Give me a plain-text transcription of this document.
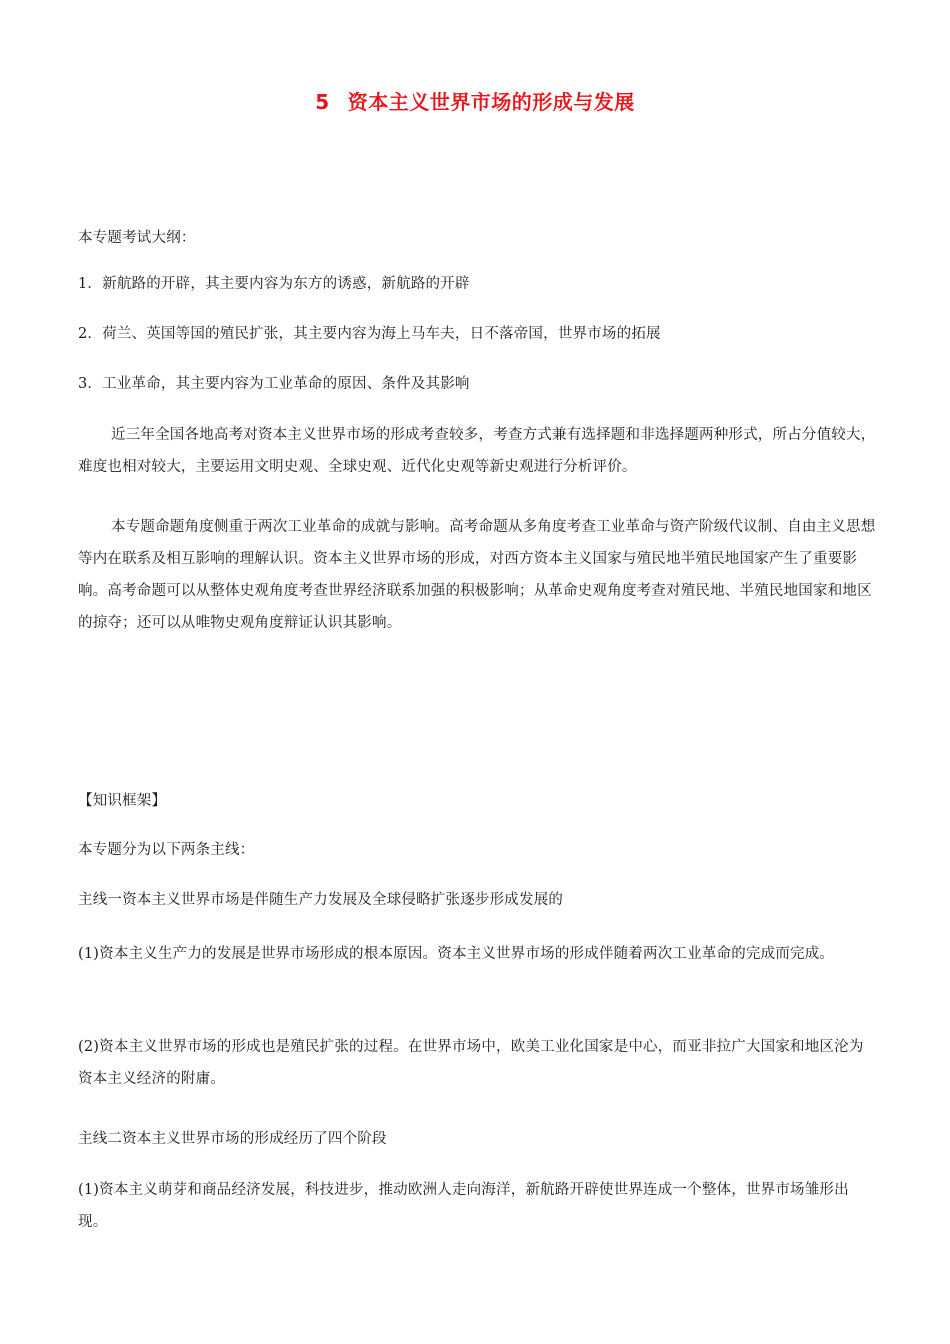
5 资本主义世界市场的形成与发展

本专题考试大纲：

1．新航路的开辟，其主要内容为东方的诱惑，新航路的开辟

2．荷兰、英国等国的殖民扩张，其主要内容为海上马车夫，日不落帝国，世界市场的拓展

3．工业革命，其主要内容为工业革命的原因、条件及其影响

近三年全国各地高考对资本主义世界市场的形成考查较多，考查方式兼有选择题和非选择题两种形式，所占分值较大，难度也相对较大，主要运用文明史观、全球史观、近代化史观等新史观进行分析评价。

本专题命题角度侧重于两次工业革命的成就与影响。高考命题从多角度考查工业革命与资产阶级代议制、自由主义思想等内在联系及相互影响的理解认识。资本主义世界市场的形成，对西方资本主义国家与殖民地半殖民地国家产生了重要影响。高考命题可以从整体史观角度考查世界经济联系加强的积极影响；从革命史观角度考查对殖民地、半殖民地国家和地区的掠夺；还可以从唯物史观角度辩证认识其影响。

【知识框架】

本专题分为以下两条主线：

主线一资本主义世界市场是伴随生产力发展及全球侵略扩张逐步形成发展的

(1)资本主义生产力的发展是世界市场形成的根本原因。资本主义世界市场的形成伴随着两次工业革命的完成而完成。

(2)资本主义世界市场的形成也是殖民扩张的过程。在世界市场中，欧美工业化国家是中心，而亚非拉广大国家和地区沦为资本主义经济的附庸。

主线二资本主义世界市场的形成经历了四个阶段

(1)资本主义萌芽和商品经济发展，科技进步，推动欧洲人走向海洋，新航路开辟使世界连成一个整体，世界市场雏形出现。
